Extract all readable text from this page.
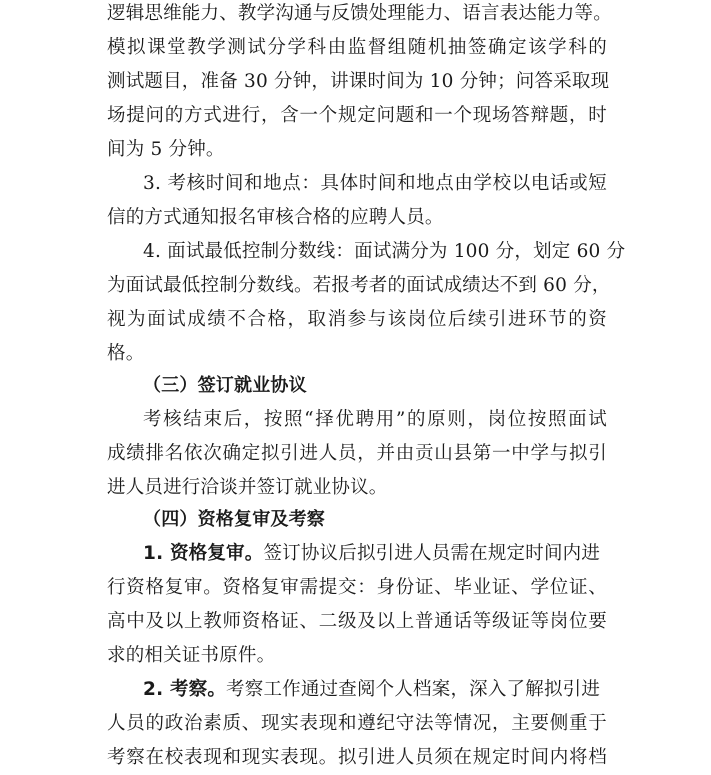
逻辑思维能力、教学沟通与反馈处理能力、语言表达能力等。
模拟课堂教学测试分学科由监督组随机抽签确定该学科的
测试题目，准备 30 分钟，讲课时间为 10 分钟；问答采取现
场提问的方式进行，含一个规定问题和一个现场答辩题，时
间为 5 分钟。
3. 考核时间和地点：具体时间和地点由学校以电话或短
信的方式通知报名审核合格的应聘人员。
4. 面试最低控制分数线：面试满分为 100 分，划定 60 分
为面试最低控制分数线。若报考者的面试成绩达不到 60 分，
视为面试成绩不合格，取消参与该岗位后续引进环节的资
格。
（三）签订就业协议
考核结束后，按照“择优聘用”的原则，岗位按照面试
成绩排名依次确定拟引进人员，并由贡山县第一中学与拟引
进人员进行洽谈并签订就业协议。
（四）资格复审及考察
1. 资格复审。签订协议后拟引进人员需在规定时间内进
行资格复审。资格复审需提交：身份证、毕业证、学位证、
高中及以上教师资格证、二级及以上普通话等级证等岗位要
求的相关证书原件。
2. 考察。考察工作通过查阅个人档案，深入了解拟引进
人员的政治素质、现实表现和遵纪守法等情况，主要侧重于
考察在校表现和现实表现。拟引进人员须在规定时间内将档
